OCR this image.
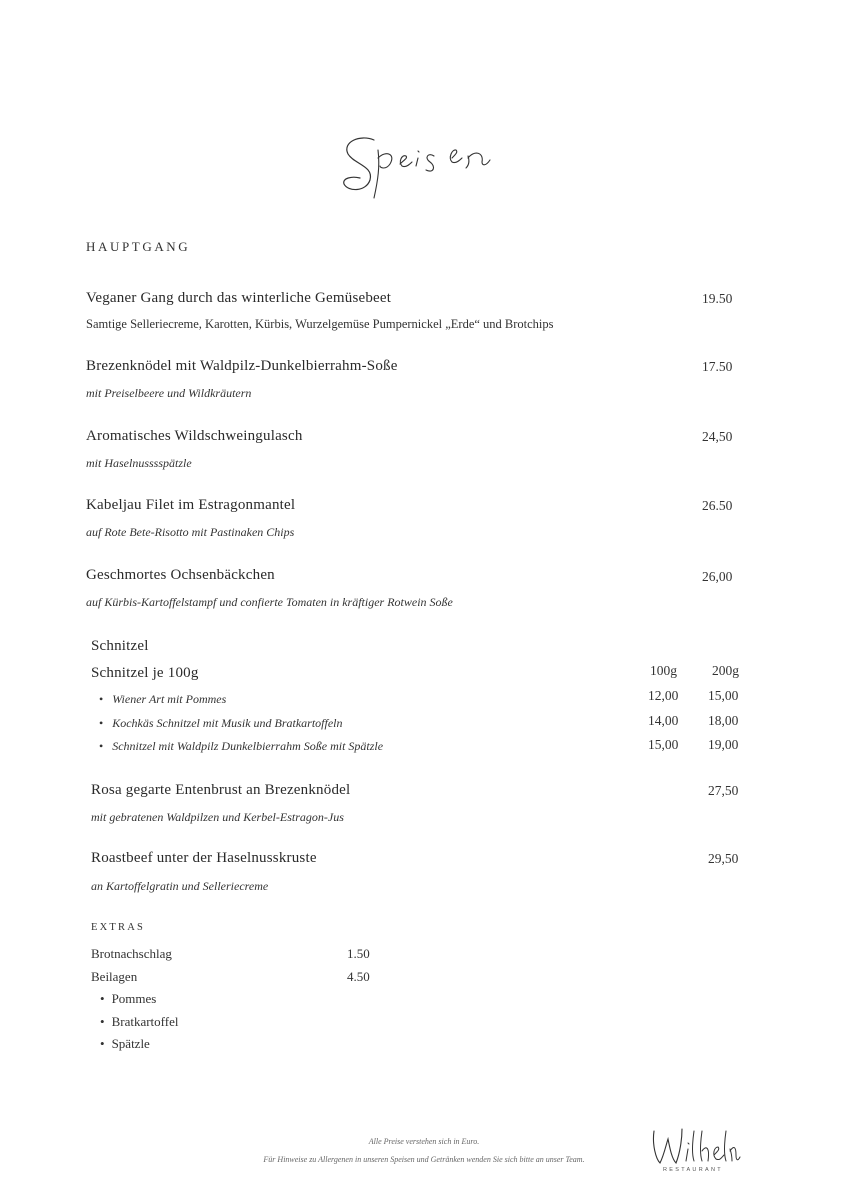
HAUPTGANG
Veganer Gang durch das winterliche Gemüsebeet	19.50
Samtige Selleriecreme, Karotten, Kürbis, Wurzelgemüse Pumpernickel „Erde“ und Brotchips
Brezenknödel mit Waldpilz-Dunkelbierrahm-Soße	17.50
mit Preiselbeere und Wildkräutern
Aromatisches Wildschweingulasch	24,50
mit Haselnusssspätzle
Kabeljau Filet im Estragonmantel	26.50
auf Rote Bete-Risotto mit Pastinaken Chips
Geschmortes Ochsenbäckchen	26,00
auf Kürbis-Kartoffelstampf und confierte Tomaten in kräftiger Rotwein Soße
Schnitzel
Schnitzel je 100g	100g	200g
• Wiener Art mit Pommes	12,00 15,00
• Kochkäs Schnitzel mit Musik und Bratkartoffeln	14,00 18,00
• Schnitzel mit Waldpilz Dunkelbierrahm Soße mit Spätzle	15,00 19,00
Rosa gegarte Entenbrust an Brezenknödel	27,50
mit gebratenen Waldpilzen und Kerbel-Estragon-Jus
Roastbeef unter der Haselnusskruste	29,50
an Kartoffelgratin und Selleriecreme
EXTRAS
Brotnachschlag	1.50
Beilagen	4.50
• Pommes
• Bratkartoffel
• Spätzle
Alle Preise verstehen sich in Euro.
Für Hinweise zu Allergenen in unseren Speisen und Getränken wenden Sie sich bitte an unser Team.
RESTAURANT
